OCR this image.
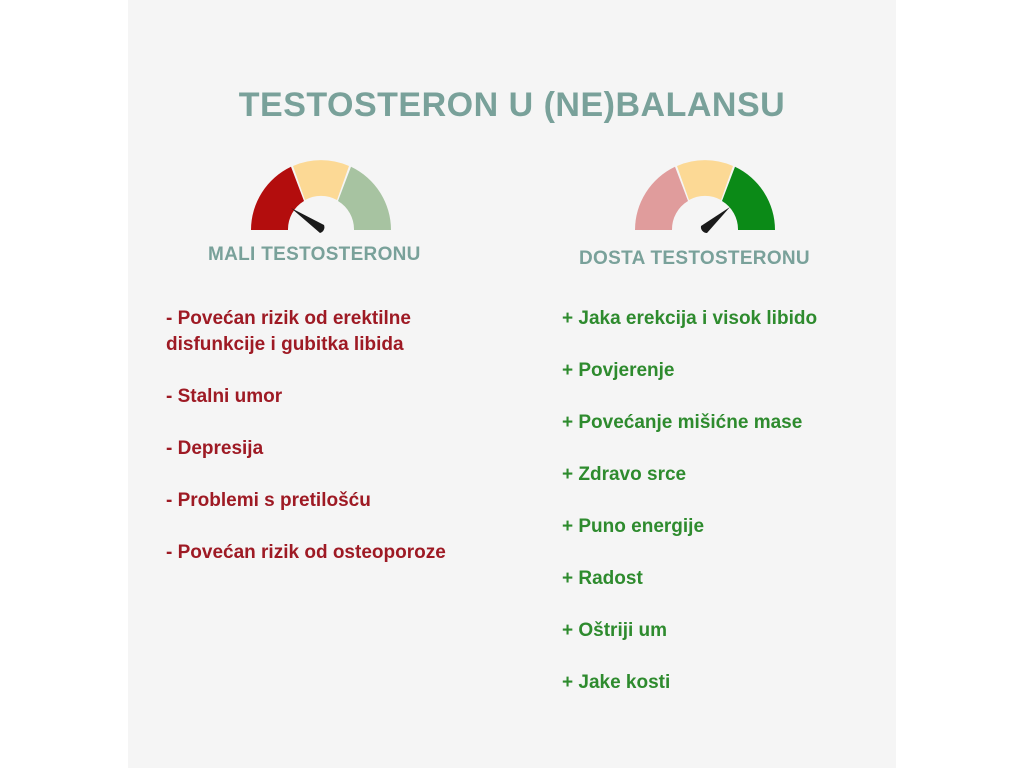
TESTOSTERON U (NE)BALANSU
MALI TESTOSTERONU	DOSTA TESTOSTERONU
- Povećan rizik od erektilne disfunkcije i gubitka libida
- Stalni umor
- Depresija
- Problemi s pretilošću
- Povećan rizik od osteoporoze
+ Jaka erekcija i visok libido
+ Povjerenje
+ Povećanje mišićne mase
+ Zdravo srce
+ Puno energije
+ Radost
+ Oštriji um
+ Jake kosti
